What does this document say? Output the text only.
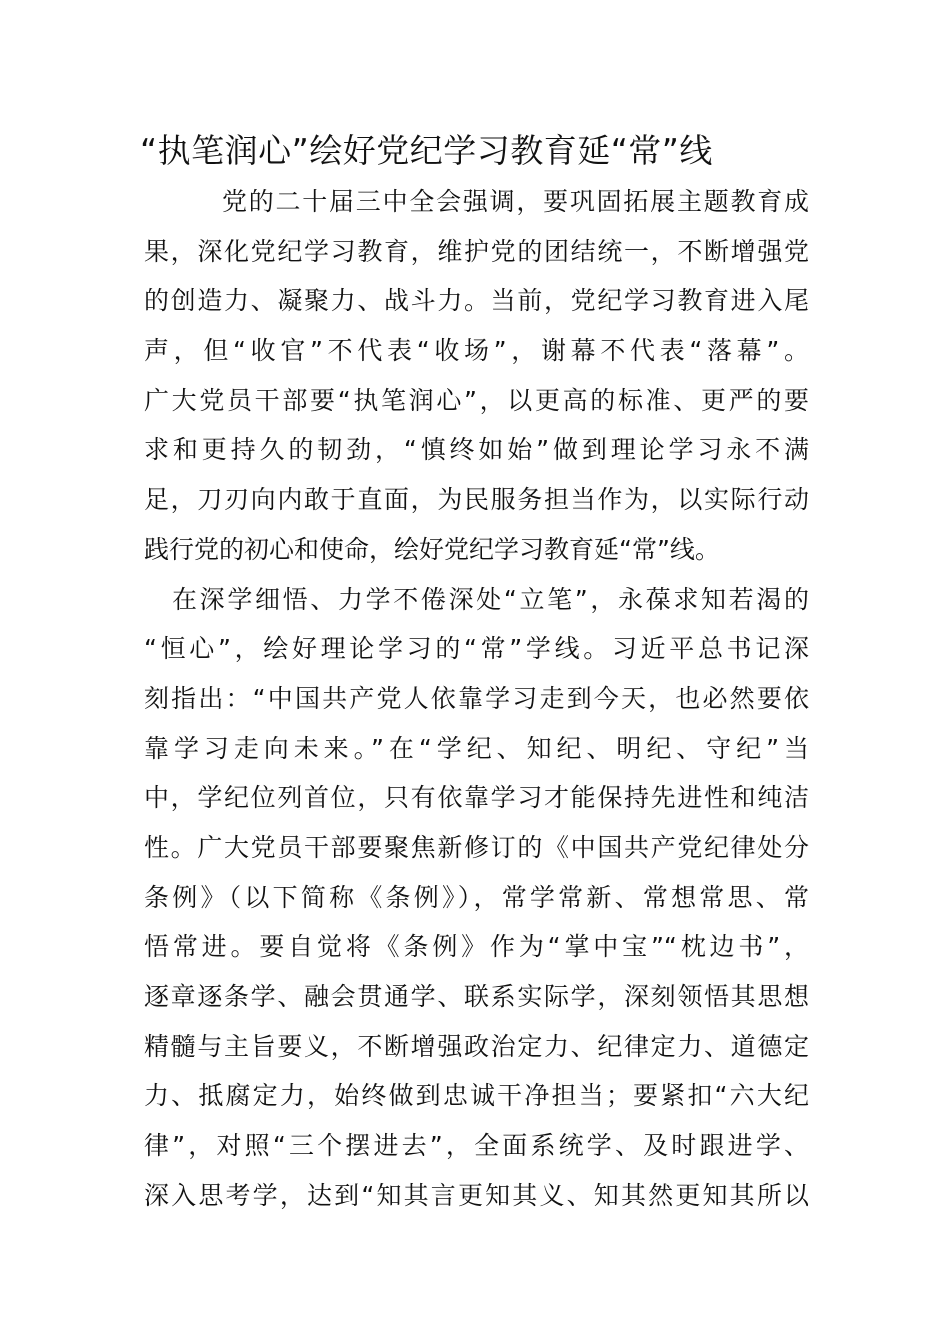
“执笔润心”绘好党纪学习教育延“常”线
党的二十届三中全会强调，要巩固拓展主题教育成
果，深化党纪学习教育，维护党的团结统一，不断增强党
的创造力、凝聚力、战斗力。当前，党纪学习教育进入尾
声，但“收官”不代表“收场”，谢幕不代表“落幕”。
广大党员干部要“执笔润心”，以更高的标准、更严的要
求和更持久的韧劲，“慎终如始”做到理论学习永不满
足，刀刃向内敢于直面，为民服务担当作为，以实际行动
践行党的初心和使命，绘好党纪学习教育延“常”线。
在深学细悟、力学不倦深处“立笔”，永葆求知若渴的
“恒心”，绘好理论学习的“常”学线。习近平总书记深
刻指出：“中国共产党人依靠学习走到今天，也必然要依
靠学习走向未来。”在“学纪、知纪、明纪、守纪”当
中，学纪位列首位，只有依靠学习才能保持先进性和纯洁
性。广大党员干部要聚焦新修订的《中国共产党纪律处分
条例》（以下简称《条例》），常学常新、常想常思、常
悟常进。要自觉将《条例》作为“掌中宝”“枕边书”，
逐章逐条学、融会贯通学、联系实际学，深刻领悟其思想
精髓与主旨要义，不断增强政治定力、纪律定力、道德定
力、抵腐定力，始终做到忠诚干净担当；要紧扣“六大纪
律”，对照“三个摆进去”，全面系统学、及时跟进学、
深入思考学，达到“知其言更知其义、知其然更知其所以
